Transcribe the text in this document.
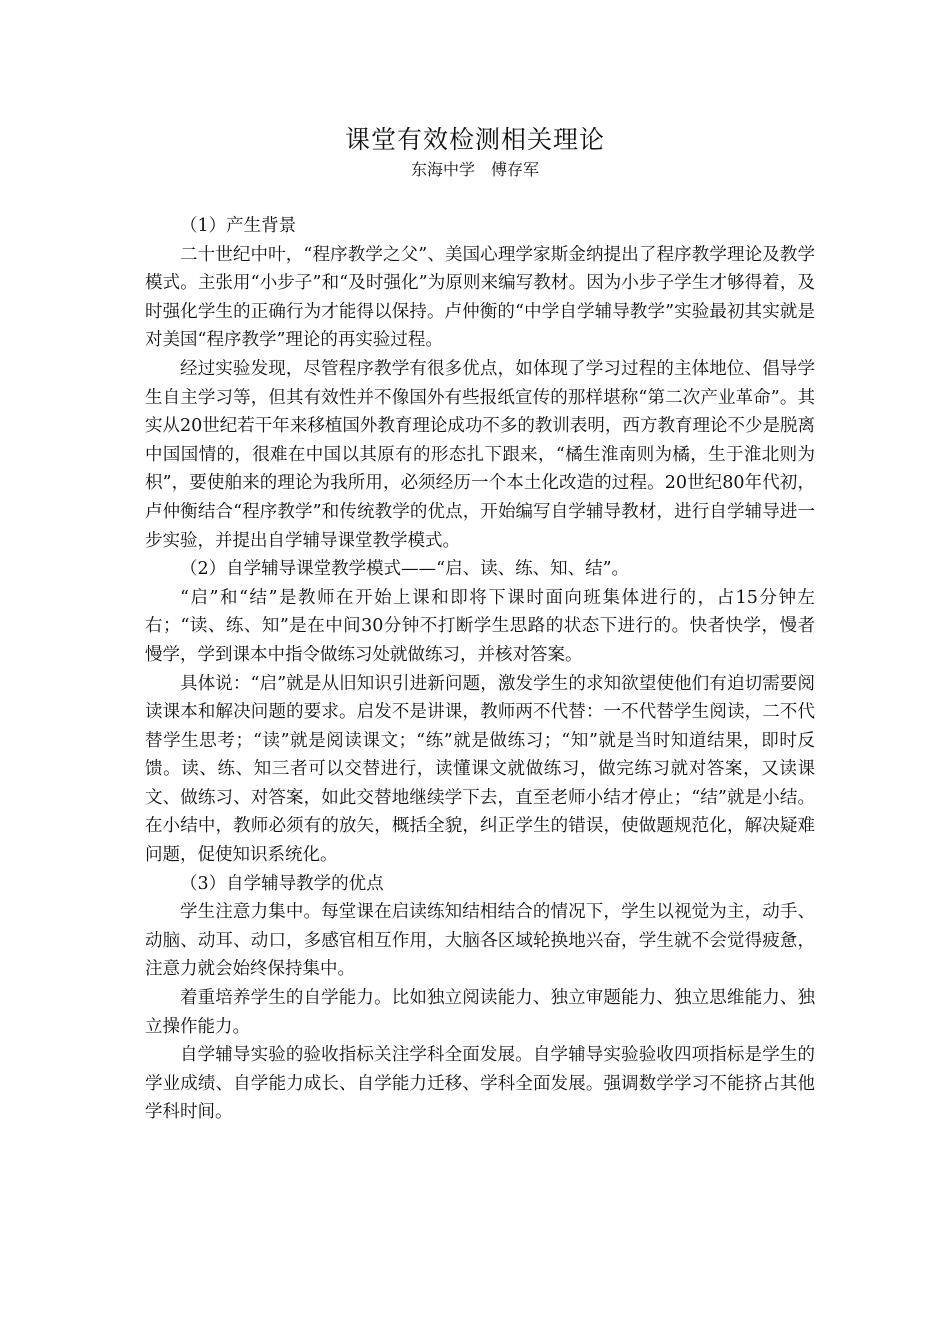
课堂有效检测相关理论
东海中学　傅存军

（1）产生背景

二十世纪中叶，“程序教学之父”、美国心理学家斯金纳提出了程序教学理论及教学模式。主张用“小步子”和“及时强化”为原则来编写教材。因为小步子学生才够得着，及时强化学生的正确行为才能得以保持。卢仲衡的“中学自学辅导教学”实验最初其实就是对美国“程序教学”理论的再实验过程。

经过实验发现，尽管程序教学有很多优点，如体现了学习过程的主体地位、倡导学生自主学习等，但其有效性并不像国外有些报纸宣传的那样堪称“第二次产业革命”。其实从20世纪若干年来移植国外教育理论成功不多的教训表明，西方教育理论不少是脱离中国国情的，很难在中国以其原有的形态扎下跟来，“橘生淮南则为橘，生于淮北则为枳”，要使舶来的理论为我所用，必须经历一个本土化改造的过程。20世纪80年代初，卢仲衡结合“程序教学”和传统教学的优点，开始编写自学辅导教材，进行自学辅导进一步实验，并提出自学辅导课堂教学模式。

（2）自学辅导课堂教学模式——“启、读、练、知、结”。

“启”和“结”是教师在开始上课和即将下课时面向班集体进行的，占15分钟左右；“读、练、知”是在中间30分钟不打断学生思路的状态下进行的。快者快学，慢者慢学，学到课本中指令做练习处就做练习，并核对答案。

具体说：“启”就是从旧知识引进新问题，激发学生的求知欲望使他们有迫切需要阅读课本和解决问题的要求。启发不是讲课，教师两不代替：一不代替学生阅读，二不代替学生思考；“读”就是阅读课文；“练”就是做练习；“知”就是当时知道结果，即时反馈。读、练、知三者可以交替进行，读懂课文就做练习，做完练习就对答案，又读课文、做练习、对答案，如此交替地继续学下去，直至老师小结才停止；“结”就是小结。在小结中，教师必须有的放矢，概括全貌，纠正学生的错误，使做题规范化，解决疑难问题，促使知识系统化。

（3）自学辅导教学的优点

学生注意力集中。每堂课在启读练知结相结合的情况下，学生以视觉为主，动手、动脑、动耳、动口，多感官相互作用，大脑各区域轮换地兴奋，学生就不会觉得疲惫，注意力就会始终保持集中。

着重培养学生的自学能力。比如独立阅读能力、独立审题能力、独立思维能力、独立操作能力。

自学辅导实验的验收指标关注学科全面发展。自学辅导实验验收四项指标是学生的学业成绩、自学能力成长、自学能力迁移、学科全面发展。强调数学学习不能挤占其他学科时间。
